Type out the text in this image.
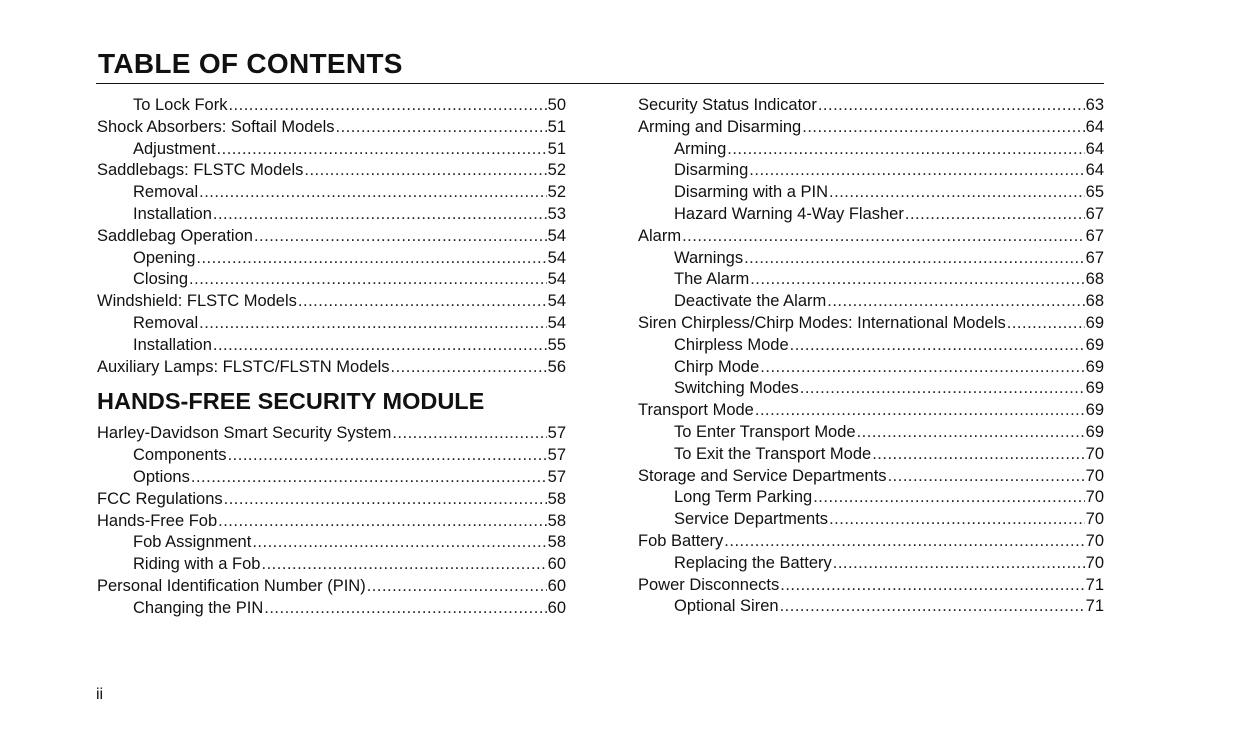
TABLE OF CONTENTS
To Lock Fork .....	50
Shock Absorbers: Softail Models .....	51
Adjustment .....	51
Saddlebags: FLSTC Models .....	52
Removal .....	52
Installation .....	53
Saddlebag Operation .....	54
Opening .....	54
Closing .....	54
Windshield: FLSTC Models .....	54
Removal .....	54
Installation .....	55
Auxiliary Lamps: FLSTC/FLSTN Models .....	56
HANDS-FREE SECURITY MODULE
Harley-Davidson Smart Security System .....	57
Components .....	57
Options .....	57
FCC Regulations .....	58
Hands-Free Fob .....	58
Fob Assignment .....	58
Riding with a Fob .....	60
Personal Identification Number (PIN) .....	60
Changing the PIN .....	60
Security Status Indicator .....	63
Arming and Disarming .....	64
Arming .....	64
Disarming .....	64
Disarming with a PIN .....	65
Hazard Warning 4-Way Flasher .....	67
Alarm .....	67
Warnings .....	67
The Alarm .....	68
Deactivate the Alarm .....	68
Siren Chirpless/Chirp Modes: International Models .....	69
Chirpless Mode .....	69
Chirp Mode .....	69
Switching Modes .....	69
Transport Mode .....	69
To Enter Transport Mode .....	69
To Exit the Transport Mode .....	70
Storage and Service Departments .....	70
Long Term Parking .....	70
Service Departments .....	70
Fob Battery .....	70
Replacing the Battery .....	70
Power Disconnects .....	71
Optional Siren .....	71
ii
